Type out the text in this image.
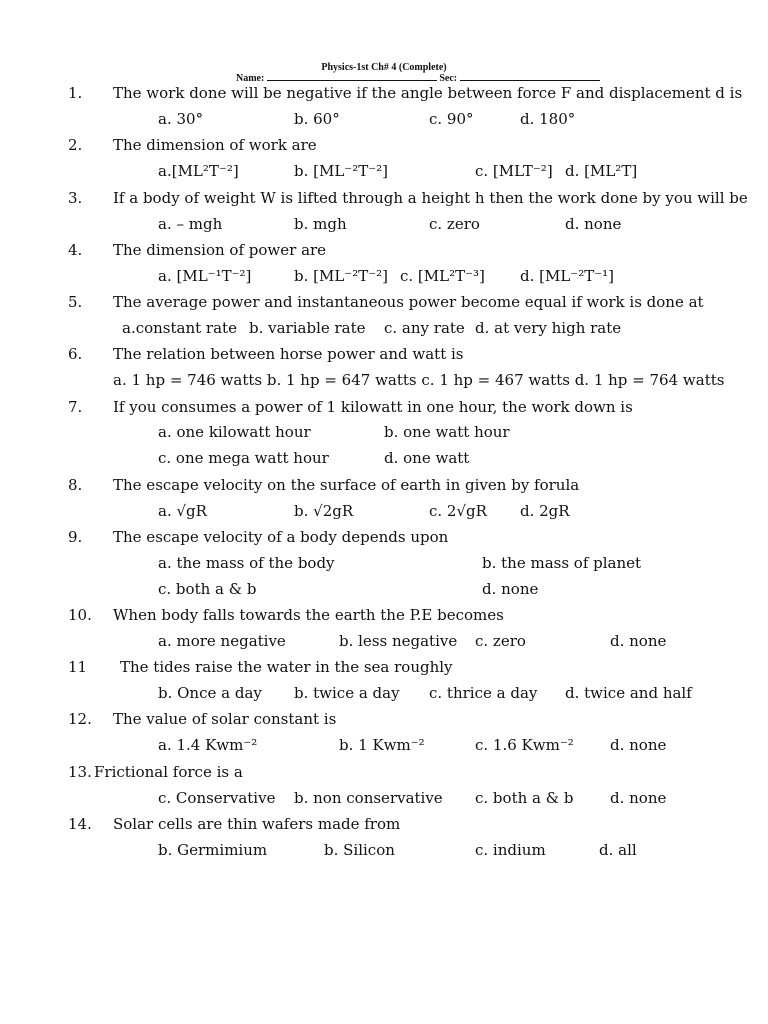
Physics-1st Ch# 4 (Complete)
Name:	Sec:
1. The work done will be negative if the angle between force F and displacement d is
a. 30°	b. 60°	c. 90°	d. 180°
2. The dimension of work are
a.[ML²T⁻²]	b. [ML⁻²T⁻²]	c. [MLT⁻²] d. [ML²T]
3. If a body of weight W is lifted through a height h then the work done by you will be
a. – mgh	b. mgh	c. zero	d. none
4. The dimension of power are
a. [ML⁻¹T⁻²]	b. [ML⁻²T⁻²] c. [ML²T⁻³] d. [ML⁻²T⁻¹]
5. The average power and instantaneous power become equal if work is done at
a.constant rate b. variable rate c. any rate d. at very high rate
6. The relation between horse power and watt is
a. 1 hp = 746 watts b. 1 hp = 647 watts c. 1 hp = 467 watts d. 1 hp = 764 watts
7. If you consumes a power of 1 kilowatt in one hour, the work down is
a. one kilowatt hour	b. one watt hour
c. one mega watt hour	d. one watt
8. The escape velocity on the surface of earth in given by forula
a. √gR	b. √2gR	c. 2√gR d. 2gR
9. The escape velocity of a body depends upon
a. the mass of the body	b. the mass of planet
c. both a & b	d. none
10. When body falls towards the earth the P.E becomes
a. more negative	b. less negative c. zero	d. none
11 The tides raise the water in the sea roughly
b. Once a day b. twice a day c. thrice a day d. twice and half
12. The value of solar constant is
a. 1.4 Kwm⁻²	b. 1 Kwm⁻²	c. 1.6 Kwm⁻² d. none
13. Frictional force is a
c. Conservative b. non conservative c. both a & b d. none
14. Solar cells are thin wafers made from
b. Germimium	b. Silicon	c. indium	d. all
